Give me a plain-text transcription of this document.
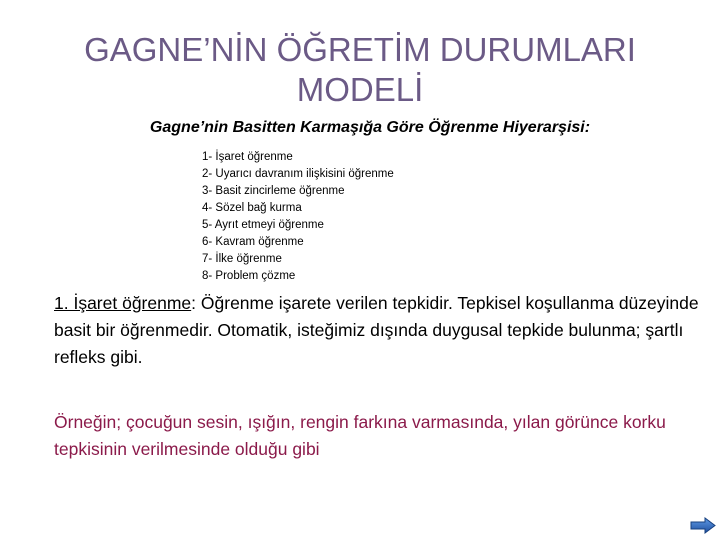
GAGNE’NİN ÖĞRETİM DURUMLARI
MODELİ

Gagne’nin Basitten Karmaşığa Göre Öğrenme Hiyerarşisi:

1- İşaret öğrenme
2- Uyarıcı davranım ilişkisini öğrenme
3- Basit zincirleme öğrenme
4- Sözel bağ kurma
5- Ayrıt etmeyi öğrenme
6- Kavram öğrenme
7- İlke öğrenme
8- Problem çözme

1. İşaret öğrenme: Öğrenme işarete verilen tepkidir. Tepkisel koşullanma düzeyinde basit bir öğrenmedir. Otomatik, isteğimiz dışında duygusal tepkide bulunma; şartlı refleks gibi.

Örneğin; çocuğun sesin, ışığın, rengin farkına varmasında, yılan görünce korku tepkisinin verilmesinde olduğu gibi
